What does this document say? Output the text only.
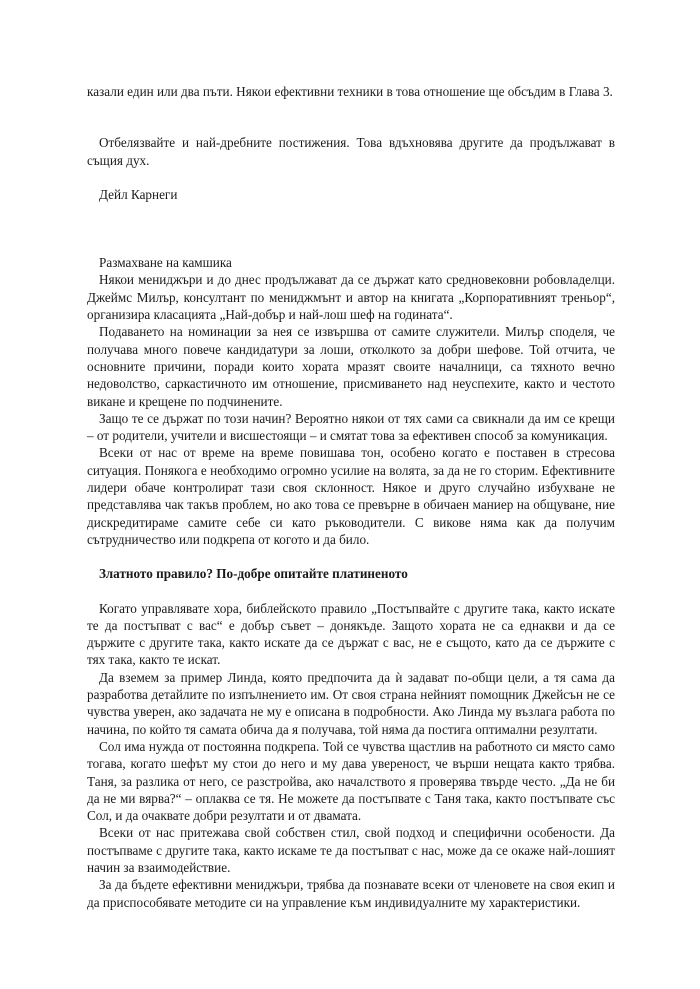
казали един или два пъти. Някои ефективни техники в това отношение ще обсъдим в Глава 3.

Отбелязвайте и най-дребните постижения. Това вдъхновява другите да продължават в същия дух.

Дейл Карнеги

Размахване на камшика

Някои мениджъри и до днес продължават да се държат като средновековни робовладелци. Джеймс Милър, консултант по мениджмънт и автор на книгата „Корпоративният треньор“, организира класацията „Най-добър и най-лош шеф на годината“.

Подаването на номинации за нея се извършва от самите служители. Милър споделя, че получава много повече кандидатури за лоши, отколкото за добри шефове. Той отчита, че основните причини, поради които хората мразят своите началници, са тяхното вечно недоволство, саркастичното им отношение, присмиването над неуспехите, както и честото викане и крещене по подчинените.

Защо те се държат по този начин? Вероятно някои от тях сами са свикнали да им се крещи – от родители, учители и висшестоящи – и смятат това за ефективен способ за комуникация.

Всеки от нас от време на време повишава тон, особено когато е поставен в стресова ситуация. Понякога е необходимо огромно усилие на волята, за да не го сторим. Ефективните лидери обаче контролират тази своя склонност. Някое и друго случайно избухване не представлява чак такъв проблем, но ако това се превърне в обичаен маниер на общуване, ние дискредитираме самите себе си като ръководители. С викове няма как да получим сътрудничество или подкрепа от когото и да било.

Златното правило? По-добре опитайте платиненото

Когато управлявате хора, библейското правило „Постъпвайте с другите така, както искате те да постъпват с вас“ е добър съвет – донякъде. Защото хората не са еднакви и да се държите с другите така, както искате да се държат с вас, не е същото, като да се държите с тях така, както те искат.

Да вземем за пример Линда, която предпочита да ѝ задават по-общи цели, а тя сама да разработва детайлите по изпълнението им. От своя страна нейният помощник Джейсън не се чувства уверен, ако задачата не му е описана в подробности. Ако Линда му възлага работа по начина, по който тя самата обича да я получава, той няма да постига оптимални резултати.

Сол има нужда от постоянна подкрепа. Той се чувства щастлив на работното си място само тогава, когато шефът му стои до него и му дава увереност, че върши нещата както трябва. Таня, за разлика от него, се разстройва, ако началството я проверява твърде често. „Да не би да не ми вярва?“ – оплаква се тя. Не можете да постъпвате с Таня така, както постъпвате със Сол, и да очаквате добри резултати и от двамата.

Всеки от нас притежава свой собствен стил, свой подход и специфични особености. Да постъпваме с другите така, както искаме те да постъпват с нас, може да се окаже най-лошият начин за взаимодействие.

За да бъдете ефективни мениджъри, трябва да познавате всеки от членовете на своя екип и да приспособявате методите си на управление към индивидуалните му характеристики.
